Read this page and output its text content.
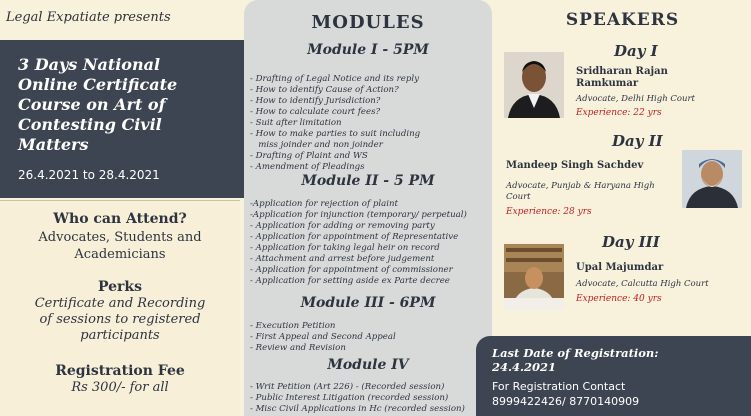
Legal Expatiate presents
3 Days National
Online Certificate
Course on Art of
Contesting Civil
Matters
26.4.2021 to 28.4.2021
Who can Attend?
Advocates, Students and
Academicians
Perks
Certificate and Recording
of sessions to registered
participants
Registration Fee
Rs 300/- for all
MODULES
Module I - 5PM
- Drafting of Legal Notice and its reply
- How to identify Cause of Action?
- How to identify Jurisdiction?
- How to calculate court fees?
- Suit after limitation
- How to make parties to suit including
miss joinder and non joinder
- Drafting of Plaint and WS
- Amendment of Pleadings
Module II - 5 PM
-Application for rejection of plaint
-Application for injunction (temporary/ perpetual)
- Application for adding or removing party
- Application for appointment of Representative
- Application for taking legal heir on record
- Attachment and arrest before judgement
- Application for appointment of commissioner
- Application for setting aside ex Parte decree
Module III - 6PM
- Execution Petition
- First Appeal and Second Appeal
- Review and Revision
Module IV
- Writ Petition (Art 226) - (Recorded session)
- Public Interest Litigation (recorded session)
- Misc Civil Applications in Hc (recorded session)
SPEAKERS
Day I
Sridharan Rajan
Ramkumar
Advocate, Delhi High Court
Experience: 22 yrs
Day II
Mandeep Singh Sachdev
Advocate, Punjab & Haryana High Court
Experience: 28 yrs
Day III
Upal Majumdar
Advocate, Calcutta High Court
Experience: 40 yrs
Last Date of Registration:
24.4.2021
For Registration Contact
8999422426/ 8770140909
